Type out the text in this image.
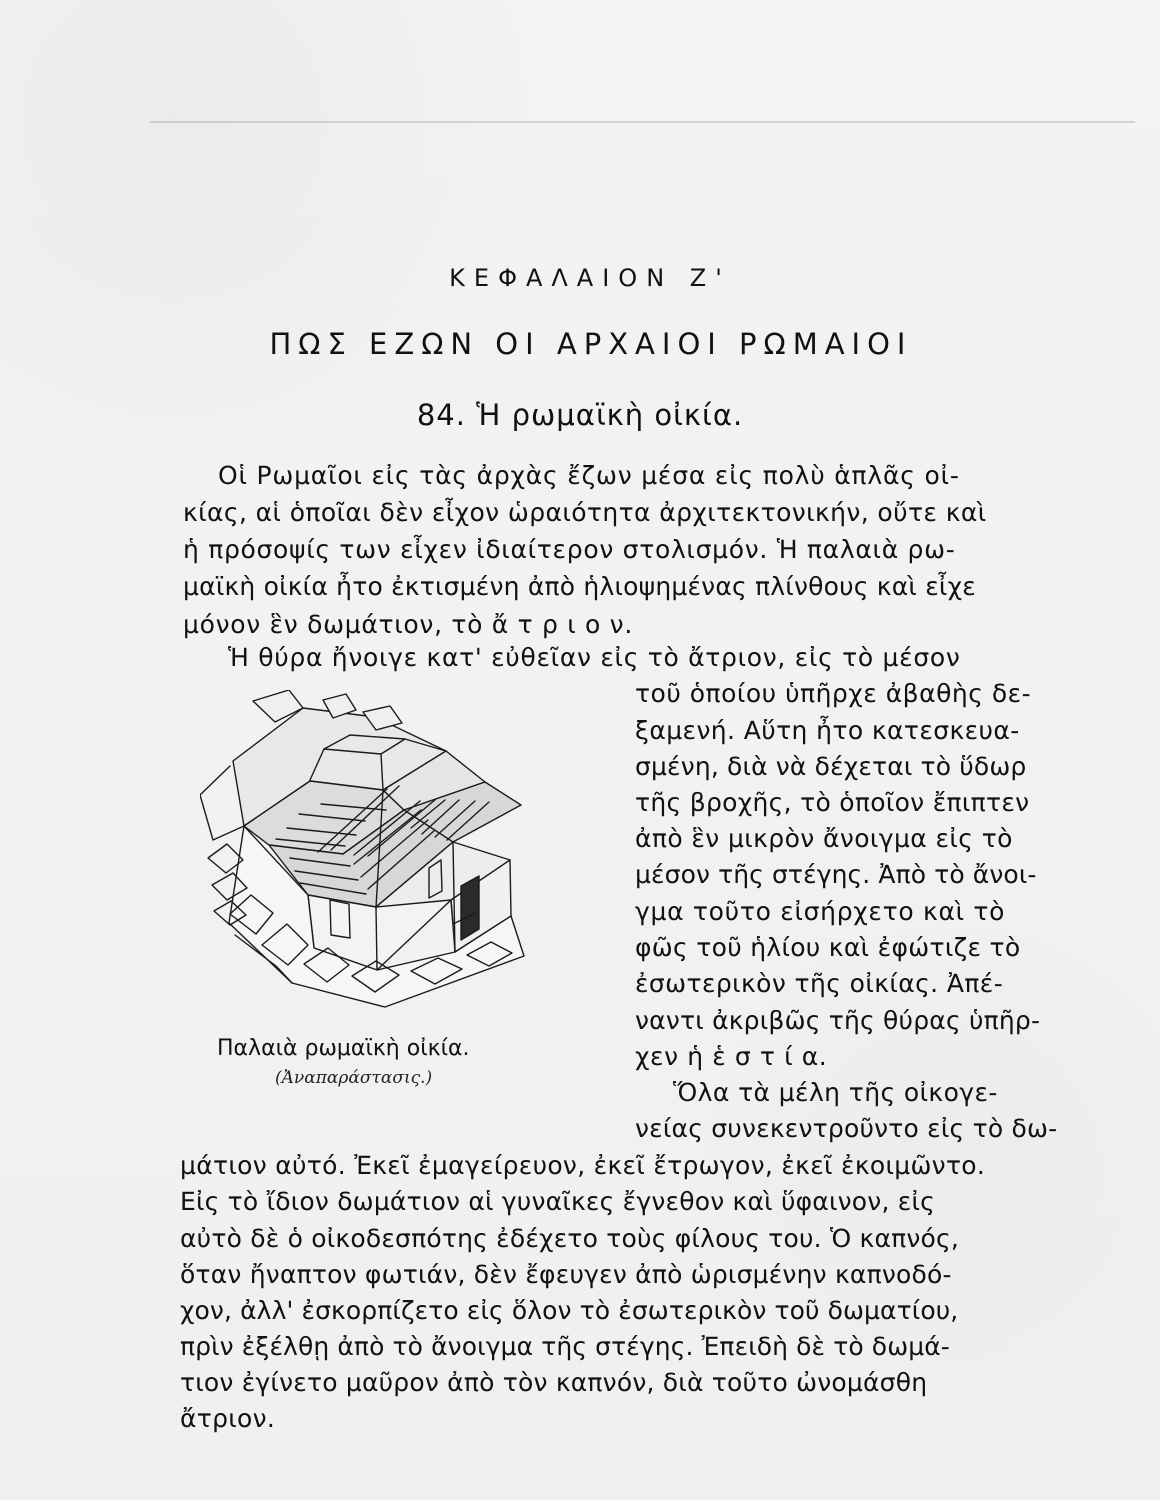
ΚΕΦΑΛΑΙΟΝ Ζ'
ΠΩΣ ΕΖΩΝ ΟΙ ΑΡΧΑΙΟΙ ΡΩΜΑΙΟΙ
84. Ἡ ρωμαϊκὴ οἰκία.
Οἱ Ρωμαῖοι εἰς τὰς ἀρχὰς ἔζων μέσα εἰς πολὺ ἁπλᾶς οἰ-
κίας, αἱ ὁποῖαι δὲν εἶχον ὡραιότητα ἀρχιτεκτονικήν, οὔτε καὶ
ἡ πρόσοψίς των εἶχεν ἰδιαίτερον στολισμόν. Ἡ παλαιὰ ρω-
μαϊκὴ οἰκία ἦτο ἐκτισμένη ἀπὸ ἡλιοψημένας πλίνθους καὶ εἶχε
μόνον ἓν δωμάτιον, τὸ ἄ τ ρ ι ο ν.
Ἡ θύρα ἤνοιγε κατ' εὐθεῖαν εἰς τὸ ἄτριον, εἰς τὸ μέσον
Παλαιὰ ρωμαϊκὴ οἰκία.
(Ἀναπαράστασις.)
τοῦ ὁποίου ὑπῆρχε ἀβαθὴς δε-
ξαμενή. Αὕτη ἦτο κατεσκευα-
σμένη, διὰ νὰ δέχεται τὸ ὕδωρ
τῆς βροχῆς, τὸ ὁποῖον ἔπιπτεν
ἀπὸ ἓν μικρὸν ἄνοιγμα εἰς τὸ
μέσον τῆς στέγης. Ἀπὸ τὸ ἄνοι-
γμα τοῦτο εἰσήρχετο καὶ τὸ
φῶς τοῦ ἡλίου καὶ ἐφώτιζε τὸ
ἐσωτερικὸν τῆς οἰκίας. Ἀπέ-
ναντι ἀκριβῶς τῆς θύρας ὑπῆρ-
χεν ἡ ἑ σ τ ί α.
Ὅλα τὰ μέλη τῆς οἰκογε-
νείας συνεκεντροῦντο εἰς τὸ δω-
μάτιον αὐτό. Ἐκεῖ ἐμαγείρευον, ἐκεῖ ἔτρωγον, ἐκεῖ ἐκοιμῶντο.
Εἰς τὸ ἴδιον δωμάτιον αἱ γυναῖκες ἔγνεθον καὶ ὕφαινον, εἰς
αὐτὸ δὲ ὁ οἰκοδεσπότης ἐδέχετο τοὺς φίλους του. Ὁ καπνός,
ὅταν ἤναπτον φωτιάν, δὲν ἔφευγεν ἀπὸ ὡρισμένην καπνοδό-
χον, ἀλλ' ἐσκορπίζετο εἰς ὅλον τὸ ἐσωτερικὸν τοῦ δωματίου,
πρὶν ἐξέλθῃ ἀπὸ τὸ ἄνοιγμα τῆς στέγης. Ἐπειδὴ δὲ τὸ δωμά-
τιον ἐγίνετο μαῦρον ἀπὸ τὸν καπνόν, διὰ τοῦτο ὠνομάσθη
ἄτριον.
